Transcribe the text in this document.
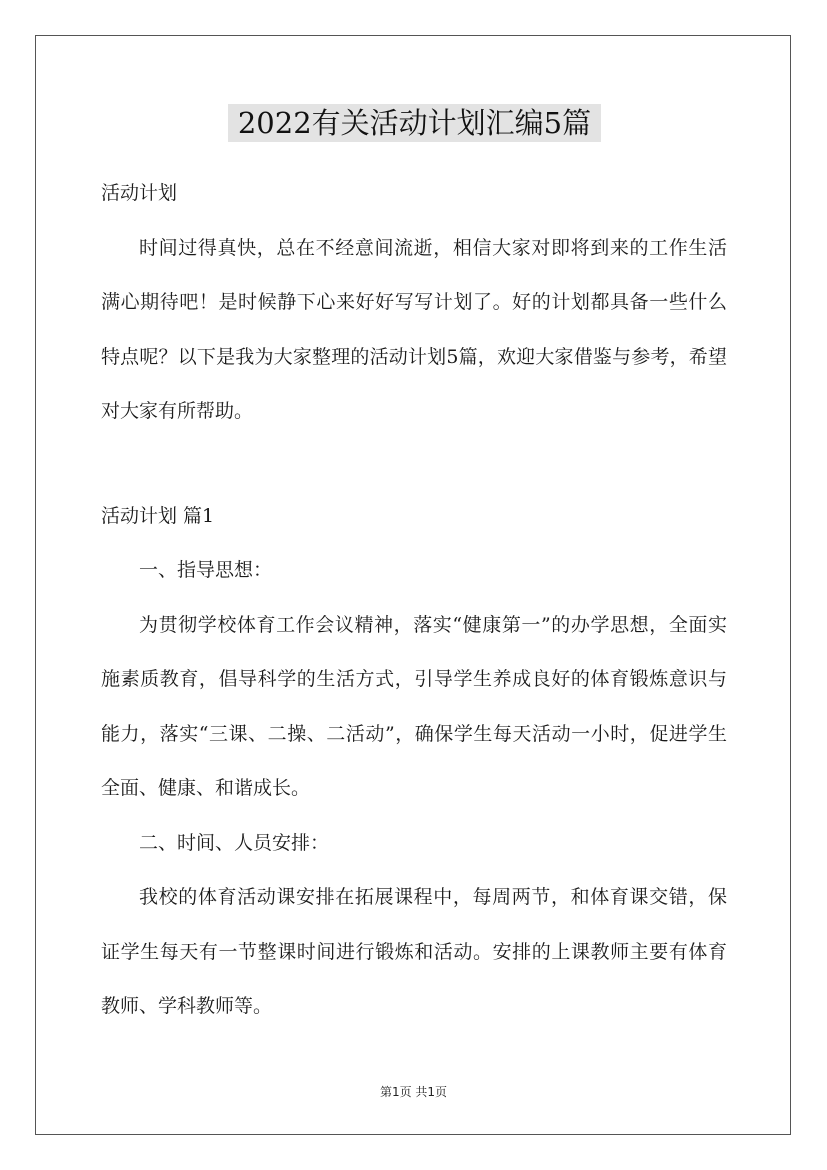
2022有关活动计划汇编5篇

活动计划

时间过得真快，总在不经意间流逝，相信大家对即将到来的工作生活满心期待吧！是时候静下心来好好写写计划了。好的计划都具备一些什么特点呢？以下是我为大家整理的活动计划5篇，欢迎大家借鉴与参考，希望对大家有所帮助。

活动计划 篇1

一、指导思想：

为贯彻学校体育工作会议精神，落实“健康第一”的办学思想，全面实施素质教育，倡导科学的生活方式，引导学生养成良好的体育锻炼意识与能力，落实“三课、二操、二活动”，确保学生每天活动一小时，促进学生全面、健康、和谐成长。

二、时间、人员安排：

我校的体育活动课安排在拓展课程中，每周两节，和体育课交错，保证学生每天有一节整课时间进行锻炼和活动。安排的上课教师主要有体育教师、学科教师等。

第1页 共1页
